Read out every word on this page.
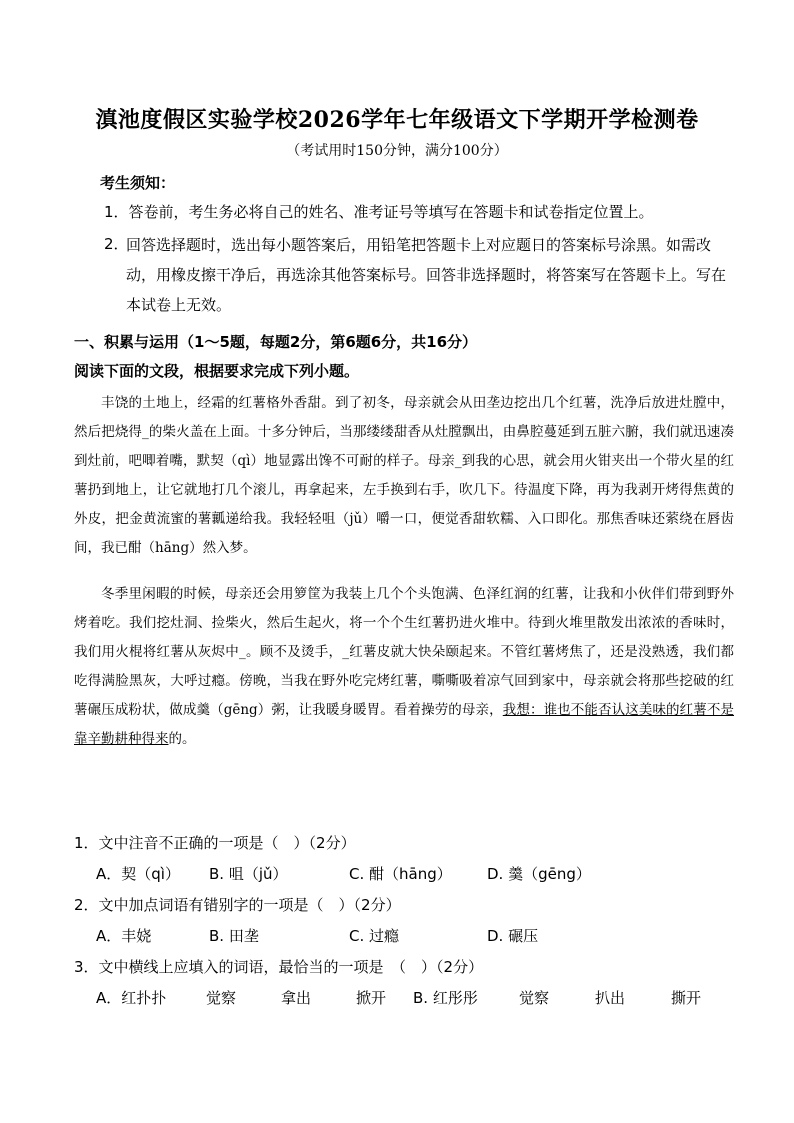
滇池度假区实验学校2026学年七年级语文下学期开学检测卷
（考试用时150分钟，满分100分）
考生须知：
1．答卷前，考生务必将自己的姓名、准考证号等填写在答题卡和试卷指定位置上。
2．
回答选择题时，选出每小题答案后，用铅笔把答题卡上对应题日的答案标号涂黑。如需改动，用橡皮擦干净后，再选涂其他答案标号。回答非选择题时，将答案写在答题卡上。写在本试卷上无效。
一、积累与运用（1～5题，每题2分，第6题6分，共16分）
阅读下面的文段，根据要求完成下列小题。

丰饶的土地上，经霜的红薯格外香甜。到了初冬，母亲就会从田垄边挖出几个红薯，洗净后放进灶膛中，然后把烧得_的柴火盖在上面。十多分钟后，当那缕缕甜香从灶膛飘出，由鼻腔蔓延到五脏六腑，我们就迅速凑到灶前，吧唧着嘴，默契（qì）地显露出馋不可耐的样子。母亲_到我的心思，就会用火钳夹出一个带火星的红薯扔到地上，让它就地打几个滚儿，再拿起来，左手换到右手，吹几下。待温度下降，再为我剥开烤得焦黄的外皮，把金黄流蜜的薯瓤递给我。我轻轻咀（jǔ）嚼一口，便觉香甜软糯、入口即化。那焦香味还萦绕在唇齿间，我已酣（hāng）然入梦。

冬季里闲暇的时候，母亲还会用箩筐为我装上几个个头饱满、色泽红润的红薯，让我和小伙伴们带到野外烤着吃。我们挖灶洞、捡柴火，然后生起火，将一个个生红薯扔进火堆中。待到火堆里散发出浓浓的香味时，我们用火棍将红薯从灰烬中_。顾不及烫手，_红薯皮就大快朵颐起来。不管红薯烤焦了，还是没熟透，我们都吃得满脸黑灰，大呼过瘾。傍晚，当我在野外吃完烤红薯，嘶嘶吸着凉气回到家中，母亲就会将那些挖破的红薯碾压成粉状，做成羹（gēng）粥，让我暖身暖胃。看着操劳的母亲，我想：谁也不能否认这美味的红薯不是靠辛勤耕种得来的。

1．文中注音不正确的一项是（　）（2分）
A．契（qì） B. 咀（jǔ）	C. 酣（hāng） D. 羹（gēng）
2．文中加点词语有错别字的一项是（　）（2分）
A．丰娆	B. 田垄	C. 过瘾	D. 碾压
3．文中横线上应填入的词语，最恰当的一项是　（　）（2分）
A．红扑扑	觉察	拿出	掀开 B. 红彤彤	觉察	扒出	撕开
